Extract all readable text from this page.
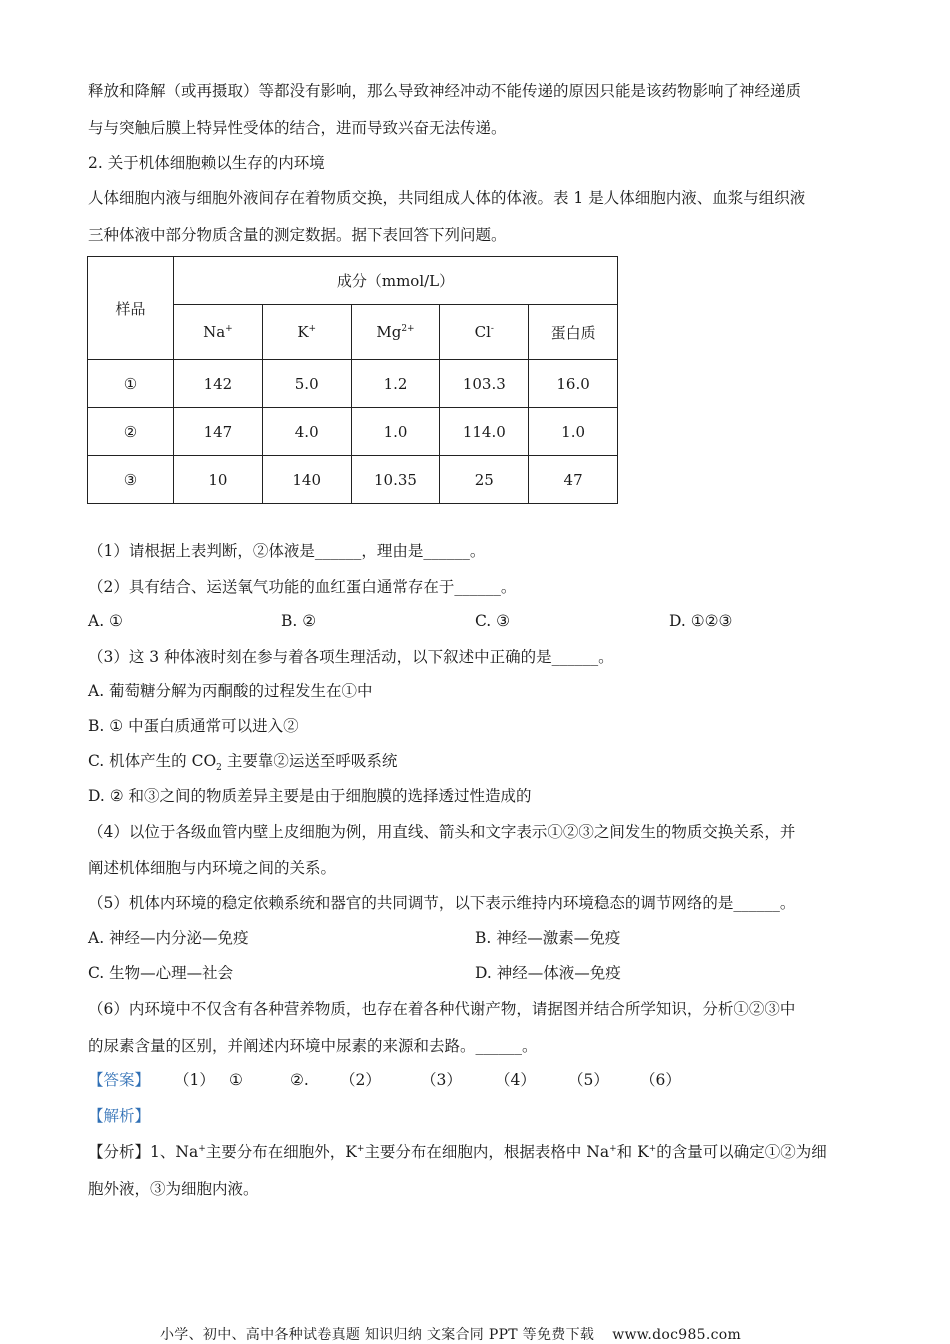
释放和降解（或再摄取）等都没有影响，那么导致神经冲动不能传递的原因只能是该药物影响了神经递质
与与突触后膜上特异性受体的结合，进而导致兴奋无法传递。
2. 关于机体细胞赖以生存的内环境
人体细胞内液与细胞外液间存在着物质交换，共同组成人体的体液。表 1 是人体细胞内液、血浆与组织液
三种体液中部分物质含量的测定数据。据下表回答下列问题。
样品	成分（mmol/L）				
	Na+	K+	$Mg^{2+}$	Cl-	蛋白质
①	142	5.0	1.2	103.3	16.0
②	147	4.0	1.0	114.0	1.0
③	10	140	10.35	25	47
（1）请根据上表判断，②体液是______，理由是______。
（2）具有结合、运送氧气功能的血红蛋白通常存在于______。
A. ①	B. ②	C. ③	D. ①②③
（3）这 3 种体液时刻在参与着各项生理活动，以下叙述中正确的是______。
A. 葡萄糖分解为丙酮酸的过程发生在①中
B. ① 中蛋白质通常可以进入②
C. 机体产生的 $CO_2$ 主要靠②运送至呼吸系统
D. ② 和③之间的物质差异主要是由于细胞膜的选择透过性造成的
（4）以位于各级血管内壁上皮细胞为例，用直线、箭头和文字表示①②③之间发生的物质交换关系，并
阐述机体细胞与内环境之间的关系。
（5）机体内环境的稳定依赖系统和器官的共同调节，以下表示维持内环境稳态的调节网络的是______。
A. 神经—内分泌—免疫	B. 神经—激素—免疫
C. 生物—心理—社会	D. 神经—体液—免疫
（6）内环境中不仅含有各种营养物质，也存在着各种代谢产物，请据图并结合所学知识，分析①②③中
的尿素含量的区别，并阐述内环境中尿素的来源和去路。______。
【答案】 （1） ①	②. （2）	（3） （4） （5） （6）
【解析】
【分析】1、Na+主要分布在细胞外，K+主要分布在细胞内，根据表格中 Na+和 K+的含量可以确定①②为细
胞外液，③为细胞内液。
小学、初中、高中各种试卷真题 知识归纳 文案合同 PPT 等免费下载 www.doc985.com
